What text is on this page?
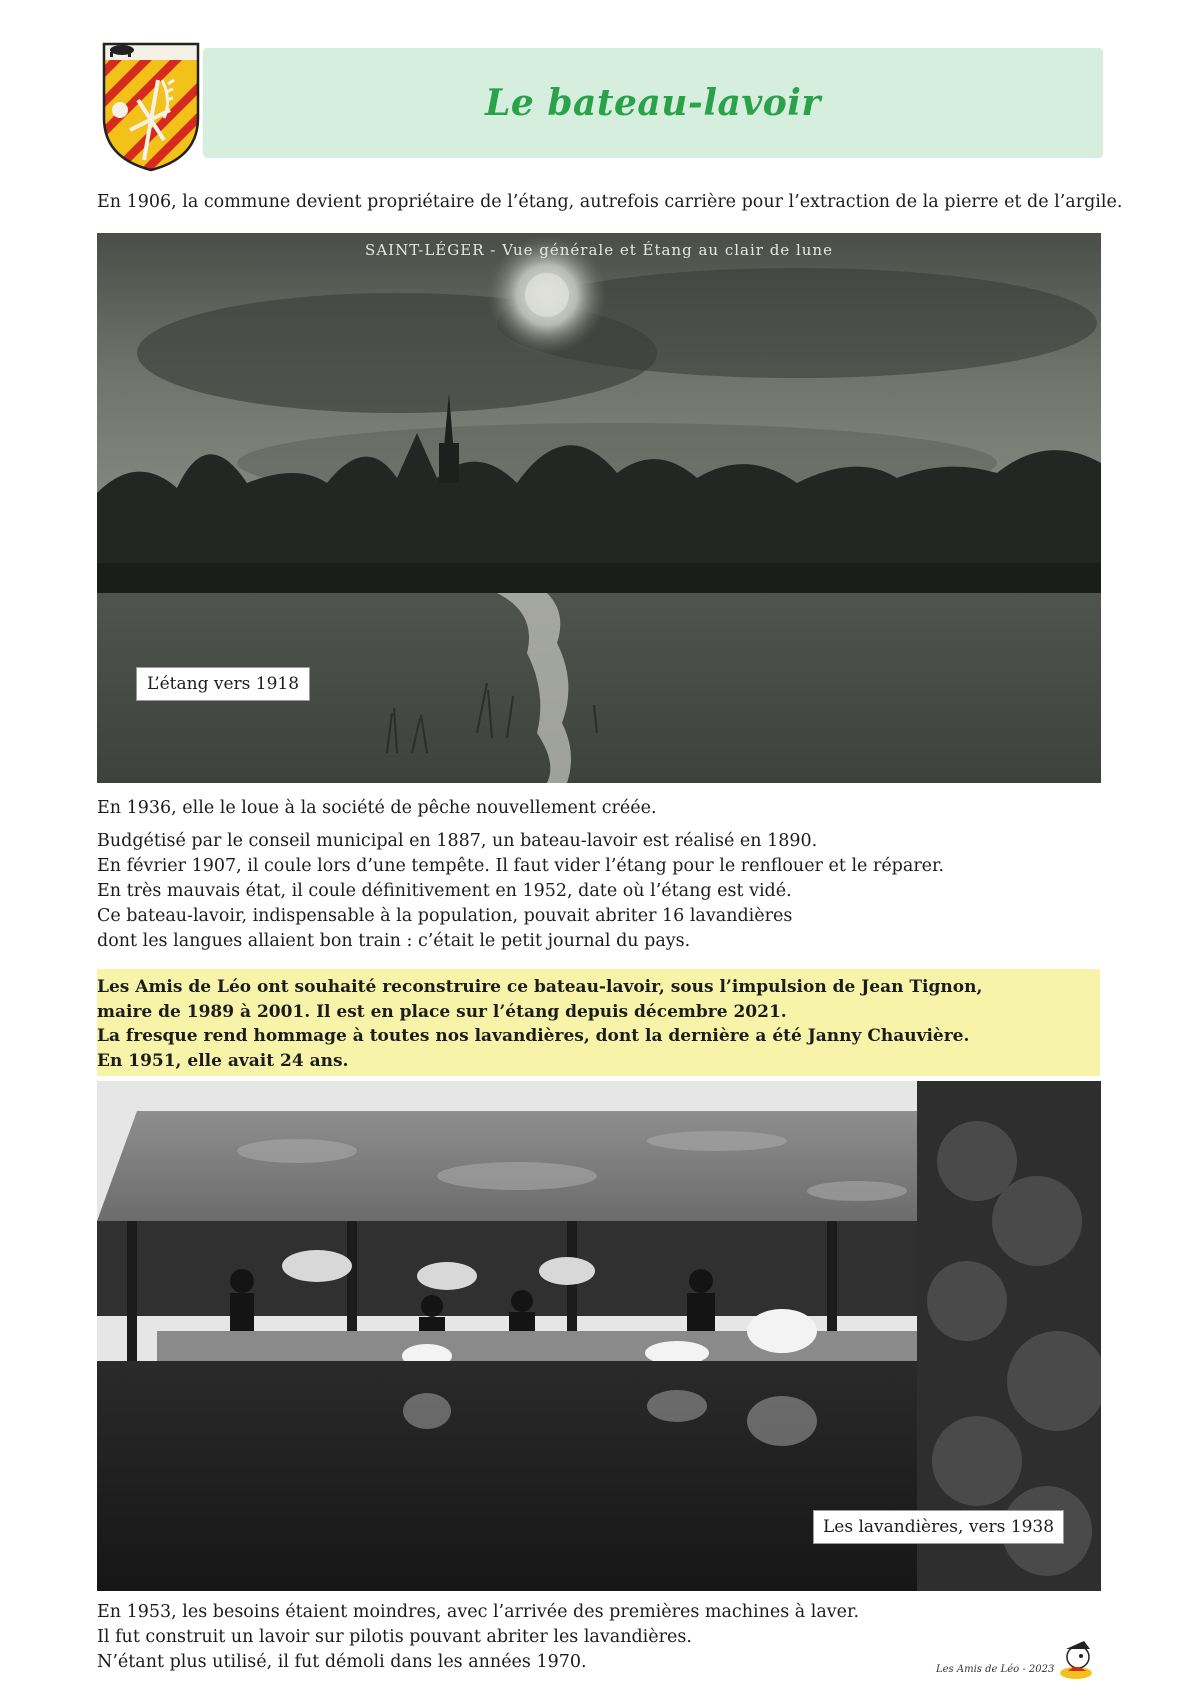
Le bateau-lavoir

En 1906, la commune devient propriétaire de l’étang, autrefois carrière pour l’extraction de la pierre et de l’argile.

SAINT-LÉGER - Vue générale et Étang au clair de lune
L’étang vers 1918

En 1936, elle le loue à la société de pêche nouvellement créée.

Budgétisé par le conseil municipal en 1887, un bateau-lavoir est réalisé en 1890.
En février 1907, il coule lors d’une tempête. Il faut vider l’étang pour le renflouer et le réparer.
En très mauvais état, il coule définitivement en 1952, date où l’étang est vidé.
Ce bateau-lavoir, indispensable à la population, pouvait abriter 16 lavandières
dont les langues allaient bon train : c’était le petit journal du pays.

Les Amis de Léo ont souhaité reconstruire ce bateau-lavoir, sous l’impulsion de Jean Tignon,
maire de 1989 à 2001. Il est en place sur l’étang depuis décembre 2021.
La fresque rend hommage à toutes nos lavandières, dont la dernière a été Janny Chauvière.
En 1951, elle avait 24 ans.

Les lavandières, vers 1938

En 1953, les besoins étaient moindres, avec l’arrivée des premières machines à laver.
Il fut construit un lavoir sur pilotis pouvant abriter les lavandières.
N’étant plus utilisé, il fut démoli dans les années 1970.	Les Amis de Léo - 2023
